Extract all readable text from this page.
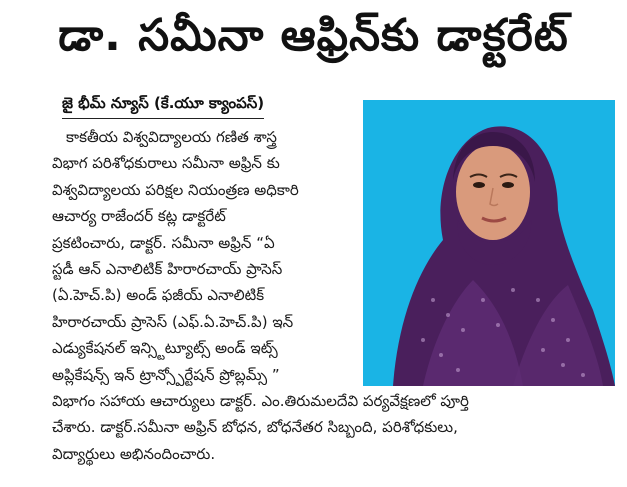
డా. సమీనా ఆఫ్రిన్‌కు డాక్టరేట్
జై భీమ్ న్యూస్ (కే.యూ క్యాంపస్)
కాకతీయ విశ్వవిద్యాలయ గణిత శాస్త్ర
విభాగ పరిశోధకురాలు సమీనా అఫ్రిన్ కు
విశ్వవిద్యాలయ పరిక్షల నియంత్రణ అధికారి
ఆచార్య రాజేందర్ కట్ల డాక్టరేట్
ప్రకటించారు, డాక్టర్. సమీనా అఫ్రిన్ “ఏ
స్టడీ ఆన్ ఎనాలిటిక్ హిరారచాయ్ ప్రాసెస్
(ఏ.హెచ్.పి) అండ్ ఫజీయ్ ఎనాలిటిక్
హిరారచాయ్ ప్రాసెస్ (ఎఫ్.ఏ.హెచ్.పి) ఇన్
ఎడ్యుకేషనల్ ఇన్స్టిట్యూట్స్ అండ్ ఇట్స్
అప్లికేషన్స్ ఇన్ ట్రాన్స్పోర్టేషన్ ప్రోబ్లమ్స్ ”
విభాగం సహాయ ఆచార్యులు డాక్టర్. ఎం.తిరుమలదేవి పర్యవేక్షణలో పూర్తి
చేశారు. డాక్టర్.సమీనా అఫ్రిన్ బోధన, బోధనేతర సిబ్బంది, పరిశోధకులు,
విద్యార్థులు అభినందించారు.
